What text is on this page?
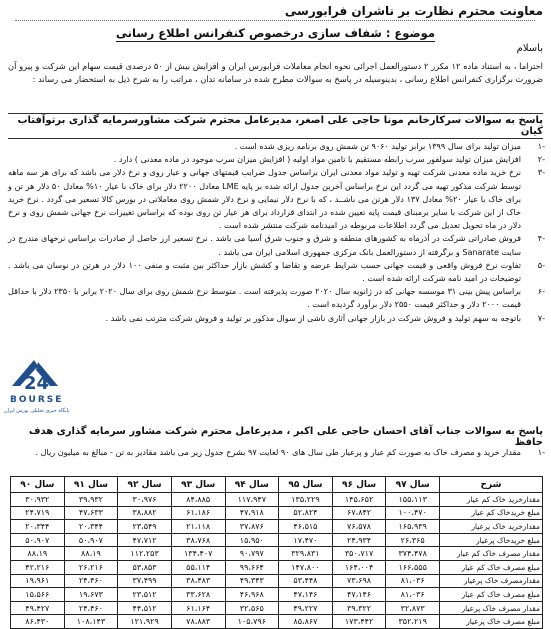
معاونت محترم نظارت بر ناشران فرابورسی
موضوع : شفاف سازی درخصوص کنفرانس اطلاع رسانی
باسلام
احتراما ، به استناد ماده ۱۲ مکرر ۲ دستورالعمل اجرائی نحوه انجام معاملات فرابورس ایران و افزایش بیش از ۵۰ درصدی قیمت سهام این شرکت و پیرو آن ضرورت برگزاری کنفرانس اطلاع رسانی ، بدینوسیله در پاسخ به سوالات مطرح شده در سامانه تدان ، مراتب را به شرح ذیل به استحضار می رساند :
پاسخ به سوالات سرکارخانم مونا حاجی علی اصغر، مدیرعامل محترم شرکت مشاورسرمایه گذاری برتوآفتاب کیان
۱-
میزان تولید برای سال ۱۳۹۹ برابر تولید ۹۰۶۰ تن شمش روی برنامه ریزی شده است .
۲-
افزایش میزان تولید سولفور سرب رابطه مستقیم با تامین مواد اولیه ( افزایش میزان سرب موجود در ماده معدنی ) دارد .
۳-
نرخ خرید ماده معدنی شرکت تهیه و تولید مواد معدنی ایران براساس جدول ضرایب قیمتهای جهانی و عیار روی و نرخ دلار می باشد که برای هر سه ماهه توسط شرکت مذکور تهیه می گردد این نرخ براساس آخرین جدول ارائه شده بر پایه LME معادل ۲۲۰۰ دلار برای خاک با عیار ۱۰% معادل ۵۰ دلار هر تن و برای خاک با عیار ۲۰% معادل ۱۳۷ دلار هرتن می باشــد ، که با نرخ دلار نیمایی و نرخ دلار شمش روی معاملاتی در بورس کالا تسعیر می گردد . نرخ خرید خاک از این شرکت با سایر برمبنای قیمت پایه تعیین شده در ابتدای قرارداد برای هر عیار تن روی بوده که براساس تغییرات نرخ جهانی شمش روی و نرخ دلار در ماه تحویل تعدیل می گردد اطلاعات مربوطه در امیدنامه شرکت منتشر شده است .
۴-
فروش صادراتی شرکت در آذرماه به کشورهای منطقه و شرق و جنوب شرق آسیا می باشد . نرخ تسعیر ارز حاصل از صادرات براساس نرخهای مندرج در سایت Sanarate و برگرفته از دستورالعمل بانک مرکزی جمهوری اسلامی ایران می باشد .
۵-
تفاوت نرخ فروش واقعی و قیمت جهانی حسب شرایط عرضه و تقاضا و کشش بازار حداکثر بین مثبت و منفی ۱۰۰ دلار در هرتن در نوسان می باشد . توضیحات در امید نامه شرکت ارائه شده است .
۶-
براساس پیش بینی ۳۱ موسسه جهانی که در ژانویه سال ۲۰۲۰ صورت پذیرفته است . متوسط نرخ شمش روی برای سال ۲۰۲۰ برابر با ۲۳۵۰ دلار با حداقل قیمت ۲۰۰۰ دلار و حداکثر قیمت ۲۵۵۰ دلار برآورد گردیده است .
۷-
باتوجه به سهم تولید و فروش شرکت در بازار جهانی آثاری ناشی از سوال مذکور بر تولید و فروش شرکت مترتب نمی باشد .
پاسخ به سوالات جناب آقای احسان حاجی علی اکبر ، مدیرعامل محترم شرکت مشاور سرمایه گذاری هدف حافظ
۱-
مقدار خرید و مصرف خاک به صورت کم عیار و پرعیار طی سال های ۹۰ لغایت ۹۷ بشرح جدول زیر می باشد مقادیر به تن - مبالغ به میلیون ریال .
شرح	سال ۹۷	سال ۹۶	سال ۹۵	سال ۹۴	سال ۹۳	سال ۹۲	سال ۹۱	سال ۹۰
مقدارخرید خاک کم عیار	۱۵۵،۱۱۳	۱۴۵،۶۵۲	۱۳۵،۲۲۹	۱۱۷،۹۴۷	۸۴،۸۸۵	۳۰،۹۷۶	۳۹،۹۳۲	۳۰،۹۳۲
مبلغ خریدخاک کم عیار	۱۰۰،۴۷۰	۶۷،۸۴۲	۵۲،۸۲۴	۴۷،۹۱۸	۶۱،۱۸۶	۳۸،۸۸۲	۴۷،۶۳۳	۲۴،۷۱۹
مقدارخرید خاک پرعیار	۱۶۵،۹۳۹	۷۶،۵۷۸	۴۶،۵۱۵	۳۷،۸۷۶	۲۱،۱۱۸	۲۳،۵۴۹	۲۰،۳۴۴	۲۰،۳۴۴
مبلغ خریدخاک پرعیار	۲۶،۳۶۵	۲۴،۹۳۴	۱۷،۴۷۰	۱۵،۹۵۰	۳۸،۷۶۸	۴۷،۷۱۲	۵۰،۹۰۷	۵۰،۹۰۷
مقدار مصرف خاک کم عیار	۳۷۴،۴۷۸	۳۵۰،۷۱۷	۳۲۹،۸۳۱	۹۰،۷۹۷	۱۳۴،۴۰۷	۱۱۲،۲۵۳	۸۸،۱۹	۸۸،۱۹
مبلغ مصرف خاک کم عیار	۱۶۶،۵۵۵	۱۶۴،۰۰۴	۱۴۷،۸۰۰	۹۹،۶۶۴	۵۵،۱۱۴	۵۳،۸۵۳	۲۶،۲۱۶	۴۲،۲۱۶
مقدارمصرف خاک پرعیار	۸۱،۰۳۶	۷۳،۶۹۸	۵۳،۴۴۸	۴۹،۳۴۳	۳۸،۴۸۳	۳۷،۴۹۹	۲۴،۴۶۰	۱۹،۹۶۱
مبلغ مصرف خاک کم عیار	۸۱،۰۳۶	۴۷،۱۴۶	۴۷،۱۴۶	۴۶،۹۶۸	۳۳،۶۲۸	۲۳،۵۱۲	۱۹،۶۷۳	۱۵،۵۶۶
مقدار مصرف خاک پرعیار	۳۲،۸۷۳	۳۹،۳۲۲	۴۹،۲۲۷	۳۲،۵۶۵	۶۱،۱۶۴	۴۴،۵۱۲	۲۴،۴۶۰	۴۹،۴۲۷
مبلغ مصرف خاک پرعیار	۳۵۲،۲۱۹	۱۷۳،۴۴۲	۸۵،۸۶۷	۱۰۵،۷۹۶	۷۸،۸۸۳	۱۲۱،۹۲۹	۱۰۸،۱۴۳	۸۶،۴۳۰
24
BOURSE
پایگاه خبری تحلیلی بورس ایران
